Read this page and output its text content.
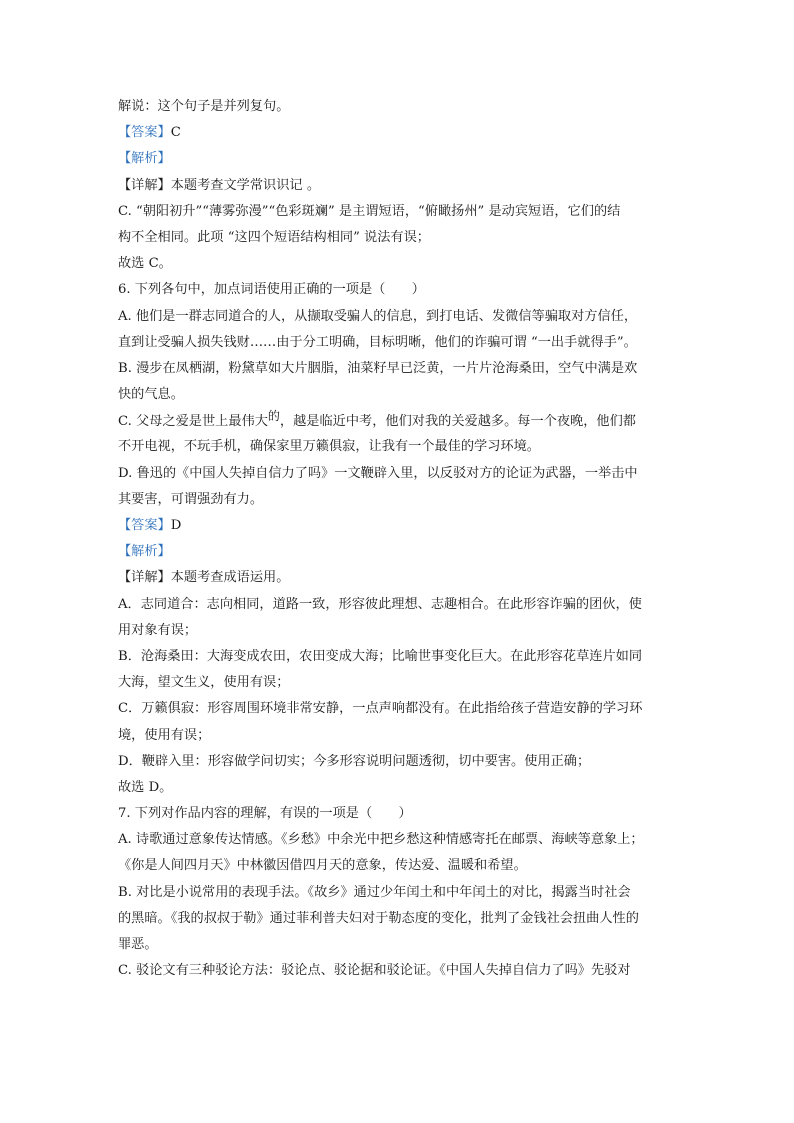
解说：这个句子是并列复句。
【答案】C
【解析】
【详解】本题考查文学常识识记 。
C. “朝阳初升”“薄雾弥漫”“色彩斑斓” 是主谓短语，“俯瞰扬州” 是动宾短语，它们的结
构不全相同。此项 “这四个短语结构相同” 说法有误；
故选 C。
6. 下列各句中，加点词语使用正确的一项是（　　）
A. 他们是一群志同道合的人，从撷取受骗人的信息，到打电话、发微信等骗取对方信任，
直到让受骗人损失钱财……由于分工明确，目标明晰，他们的诈骗可谓 “一出手就得手”。
B. 漫步在凤栖湖，粉黛草如大片胭脂，油菜籽早已泛黄，一片片沧海桑田，空气中满是欢
快的气息。
C. 父母之爱是世上最伟大的，越是临近中考，他们对我的关爱越多。每一个夜晚，他们都
不开电视，不玩手机，确保家里万籁俱寂，让我有一个最佳的学习环境。
D. 鲁迅的《中国人失掉自信力了吗》一文鞭辟入里，以反驳对方的论证为武器，一举击中
其要害，可谓强劲有力。
【答案】D
【解析】
【详解】本题考查成语运用。
A．志同道合：志向相同，道路一致，形容彼此理想、志趣相合。在此形容诈骗的团伙，使
用对象有误；
B．沧海桑田：大海变成农田，农田变成大海；比喻世事变化巨大。在此形容花草连片如同
大海，望文生义，使用有误；
C．万籁俱寂：形容周围环境非常安静，一点声响都没有。在此指给孩子营造安静的学习环
境，使用有误；
D．鞭辟入里：形容做学问切实；今多形容说明问题透彻，切中要害。使用正确；
故选 D。
7. 下列对作品内容的理解，有误的一项是（　　）
A. 诗歌通过意象传达情感。《乡愁》中余光中把乡愁这种情感寄托在邮票、海峡等意象上；
《你是人间四月天》中林徽因借四月天的意象，传达爱、温暖和希望。
B. 对比是小说常用的表现手法。《故乡》通过少年闰土和中年闰土的对比，揭露当时社会
的黑暗。《我的叔叔于勒》通过菲利普夫妇对于勒态度的变化，批判了金钱社会扭曲人性的
罪恶。
C. 驳论文有三种驳论方法：驳论点、驳论据和驳论证。《中国人失掉自信力了吗》先驳对
